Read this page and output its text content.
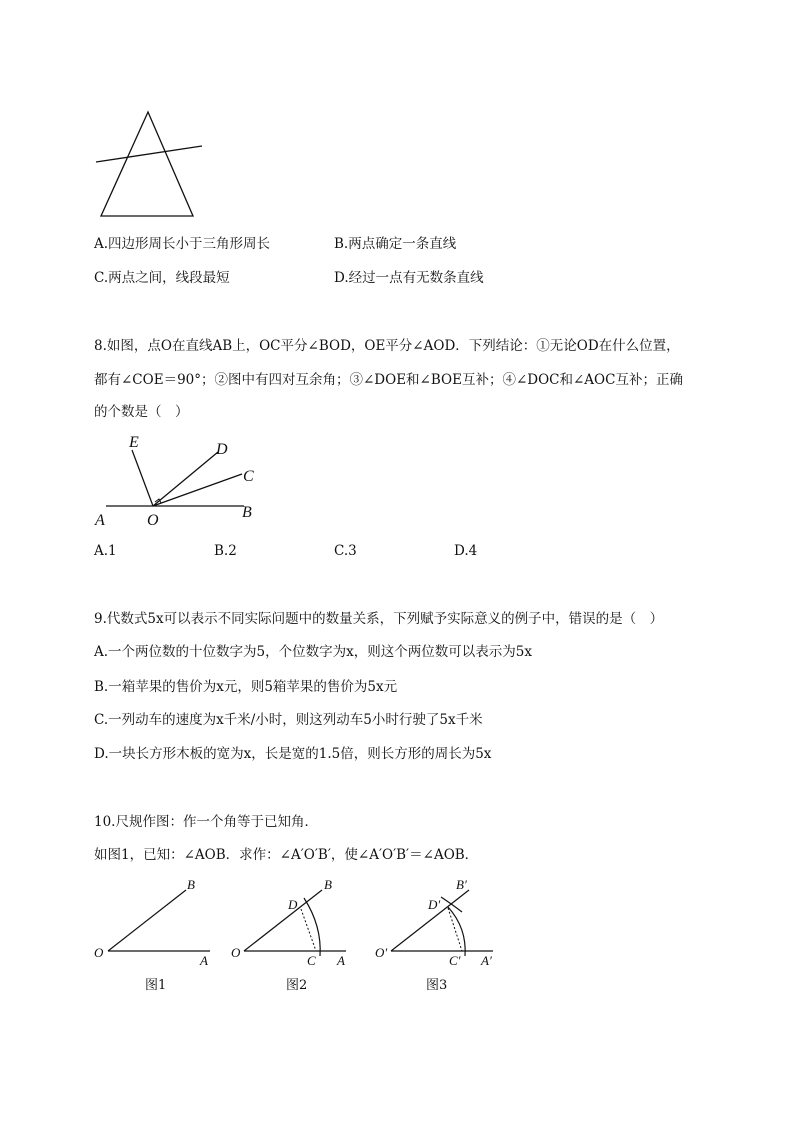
A.四边形周长小于三角形周长	B.两点确定一条直线
C.两点之间，线段最短	D.经过一点有无数条直线
8.如图，点O在直线AB上，OC平分∠BOD，OE平分∠AOD．下列结论：①无论OD在什么位置，
都有∠COE＝90°；②图中有四对互余角；③∠DOE和∠BOE互补；④∠DOC和∠AOC互补；正确
的个数是（　）
E	D
C
A	O	B
A.1	B.2	C.3	D.4
9.代数式5x可以表示不同实际问题中的数量关系，下列赋予实际意义的例子中，错误的是（　）
A.一个两位数的十位数字为5，个位数字为x，则这个两位数可以表示为5x
B.一箱苹果的售价为x元，则5箱苹果的售价为5x元
C.一列动车的速度为x千米/小时，则这列动车5小时行驶了5x千米
D.一块长方形木板的宽为x，长是宽的1.5倍，则长方形的周长为5x
10.尺规作图：作一个角等于已知角．
如图1，已知：∠AOB．求作：∠A′O′B′，使∠A′O′B′＝∠AOB．
O
A
B
O
A
B
C
D
O′
A′
B′
C′
D′
图1	图2	图3
